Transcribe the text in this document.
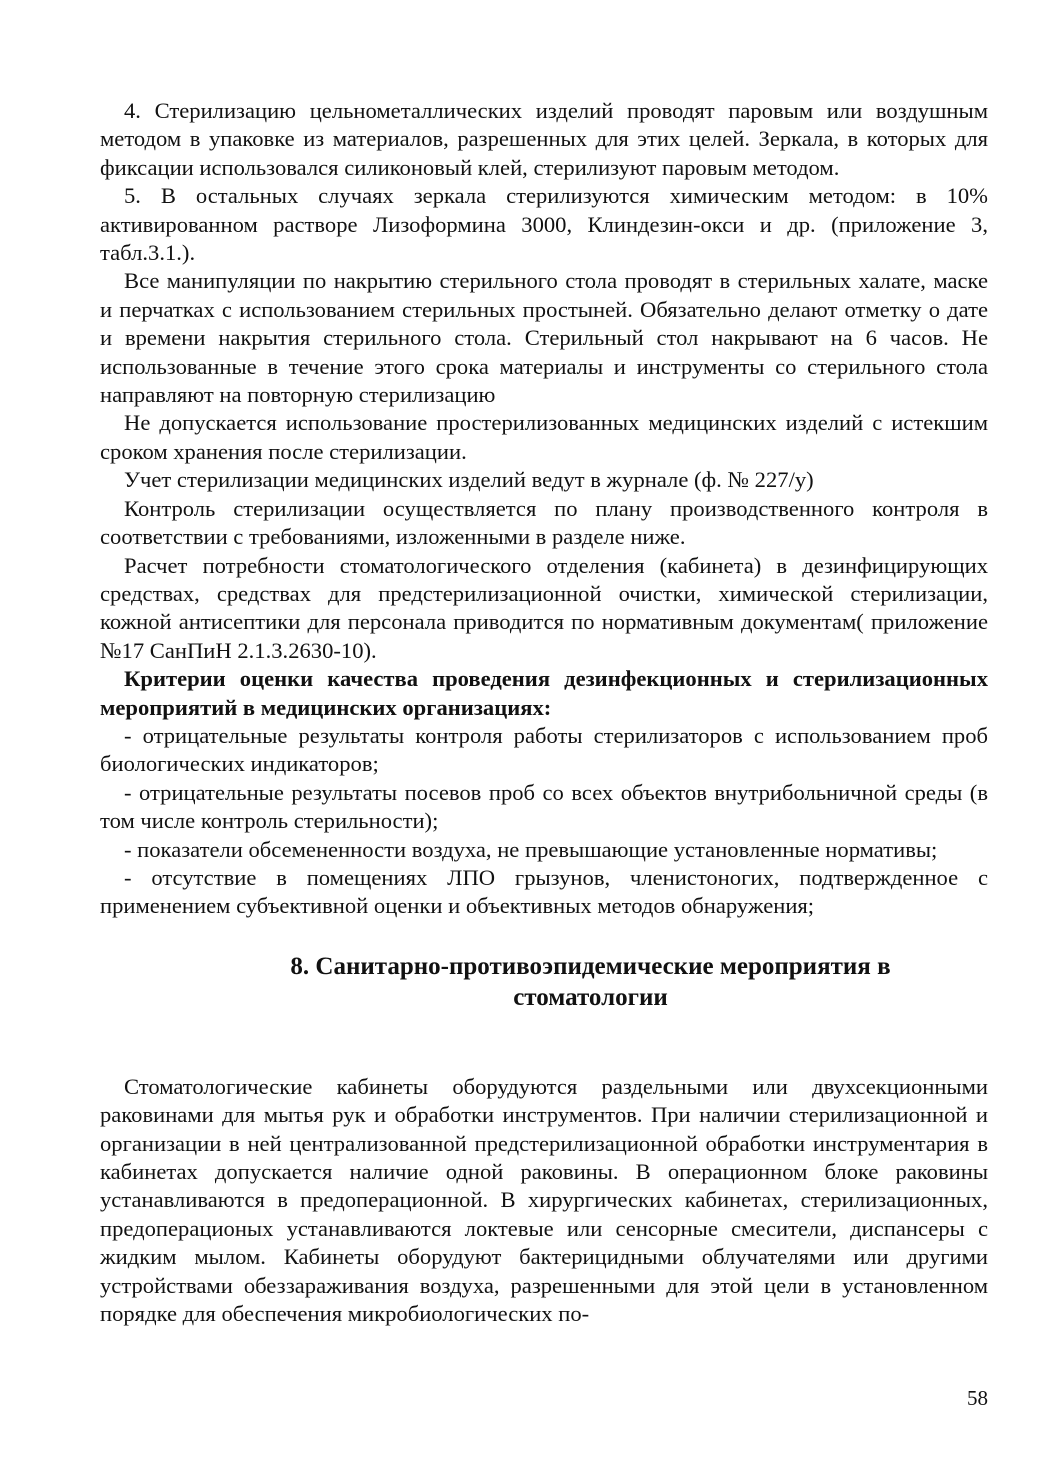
4. Стерилизацию цельнометаллических изделий проводят паровым или воздушным методом в упаковке из материалов, разрешенных для этих целей. Зеркала, в которых для фиксации использовался силиконовый клей, стерилизуют паровым методом.

5. В остальных случаях зеркала стерилизуются химическим методом: в 10% активированном растворе Лизоформина 3000, Клиндезин-окси и др. (приложение 3, табл.3.1.).

Все манипуляции по накрытию стерильного стола проводят в стерильных халате, маске и перчатках с использованием стерильных простыней. Обязательно делают отметку о дате и времени накрытия стерильного стола. Стерильный стол накрывают на 6 часов. Не использованные в течение этого срока материалы и инструменты со стерильного стола направляют на повторную стерилизацию

Не допускается использование простерилизованных медицинских изделий с истекшим сроком хранения после стерилизации.

Учет стерилизации медицинских изделий ведут в журнале (ф. № 227/у)

Контроль стерилизации осуществляется по плану производственного контроля в соответствии с требованиями, изложенными в разделе ниже.

Расчет потребности стоматологического отделения (кабинета) в дезинфицирующих средствах, средствах для предстерилизационной очистки, химической стерилизации, кожной антисептики для персонала приводится по нормативным документам( приложение №17 СанПиН 2.1.3.2630-10).

Критерии оценки качества проведения дезинфекционных и стерилизационных мероприятий в медицинских организациях:

- отрицательные результаты контроля работы стерилизаторов с использованием проб биологических индикаторов;

- отрицательные результаты посевов проб со всех объектов внутрибольничной среды (в том числе контроль стерильности);

- показатели обсемененности воздуха, не превышающие установленные нормативы;

- отсутствие в помещениях ЛПО грызунов, членистоногих, подтвержденное с применением субъективной оценки и объективных методов обнаружения;

8. Санитарно-противоэпидемические мероприятия в
стоматологии

Стоматологические кабинеты оборудуются раздельными или двухсекционными раковинами для мытья рук и обработки инструментов. При наличии стерилизационной и организации в ней централизованной предстерилизационной обработки инструментария в кабинетах допускается наличие одной раковины. В операционном блоке раковины устанавливаются в предоперационной. В хирургических кабинетах, стерилизационных, предоперационых устанавливаются локтевые или сенсорные смесители, диспансеры с жидким мылом. Кабинеты оборудуют бактерицидными облучателями или другими устройствами обеззараживания воздуха, разрешенными для этой цели в установленном порядке для обеспечения микробиологических по-

58
